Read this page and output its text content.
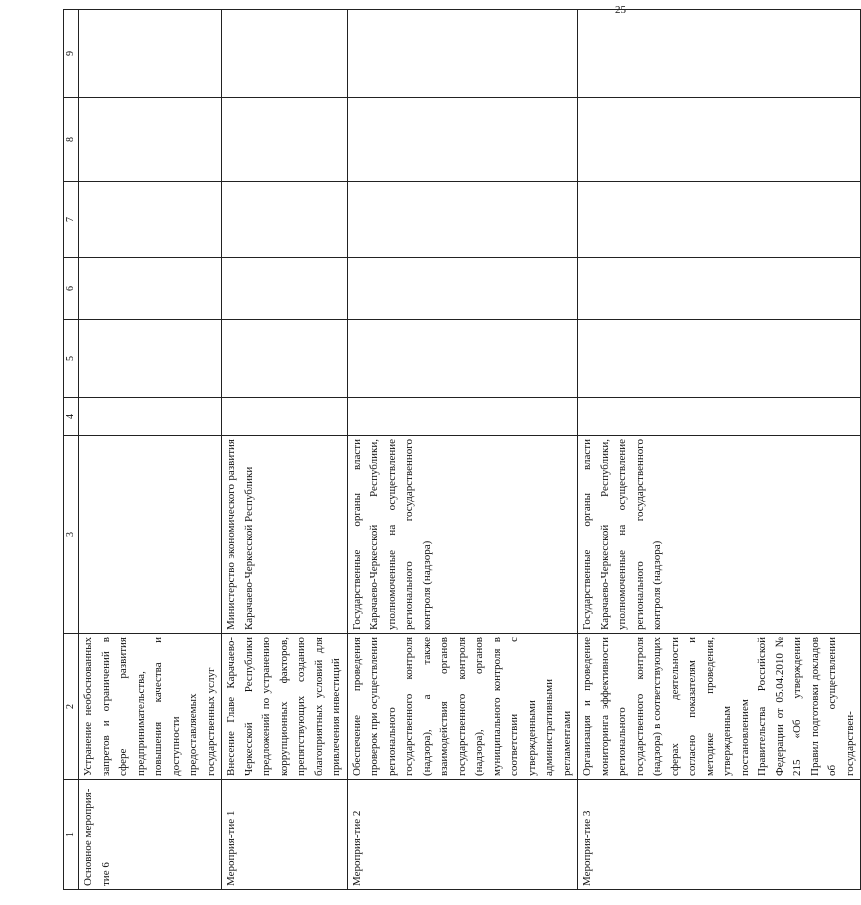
25
1	2	3	4	5	6	7	8	9
Основное мероприя-тие 6	Устранение необоснованных запретов и ограничений в сфере развития предпринимательства, повышения качества и доступности предоставляемых государственных услуг							
Мероприя-тие 1	Внесение Главе Карачаево-Черкесской Республики предложений по устранению коррупционных факторов, препятствующих созданию благоприятных условий для привлечения инвестиций	Министерство экономического развития Карачаево-Черкесской Республики						
Мероприя-тие 2	Обеспечение проведения проверок при осуществлении регионального государственного контроля (надзора), а также взаимодействия органов государственного контроля (надзора), органов муниципального контроля в соответствии с утвержденными административными регламентами	Государственные органы власти Карачаево-Черкесской Республики, уполномоченные на осуществление регионального государственного контроля (надзора)						
Мероприя-тие 3	Организация и проведение мониторинга эффективности регионального государственного контроля (надзора) в соответствующих сферах деятельности согласно показателям и методике проведения, утвержденным постановлением Правительства Российской Федерации от 05.04.2010 № 215 «Об утверждении Правил подготовки докладов об осуществлении государствен-	Государственные органы власти Карачаево-Черкесской Республики, уполномоченные на осуществление регионального государственного контроля (надзора)						
